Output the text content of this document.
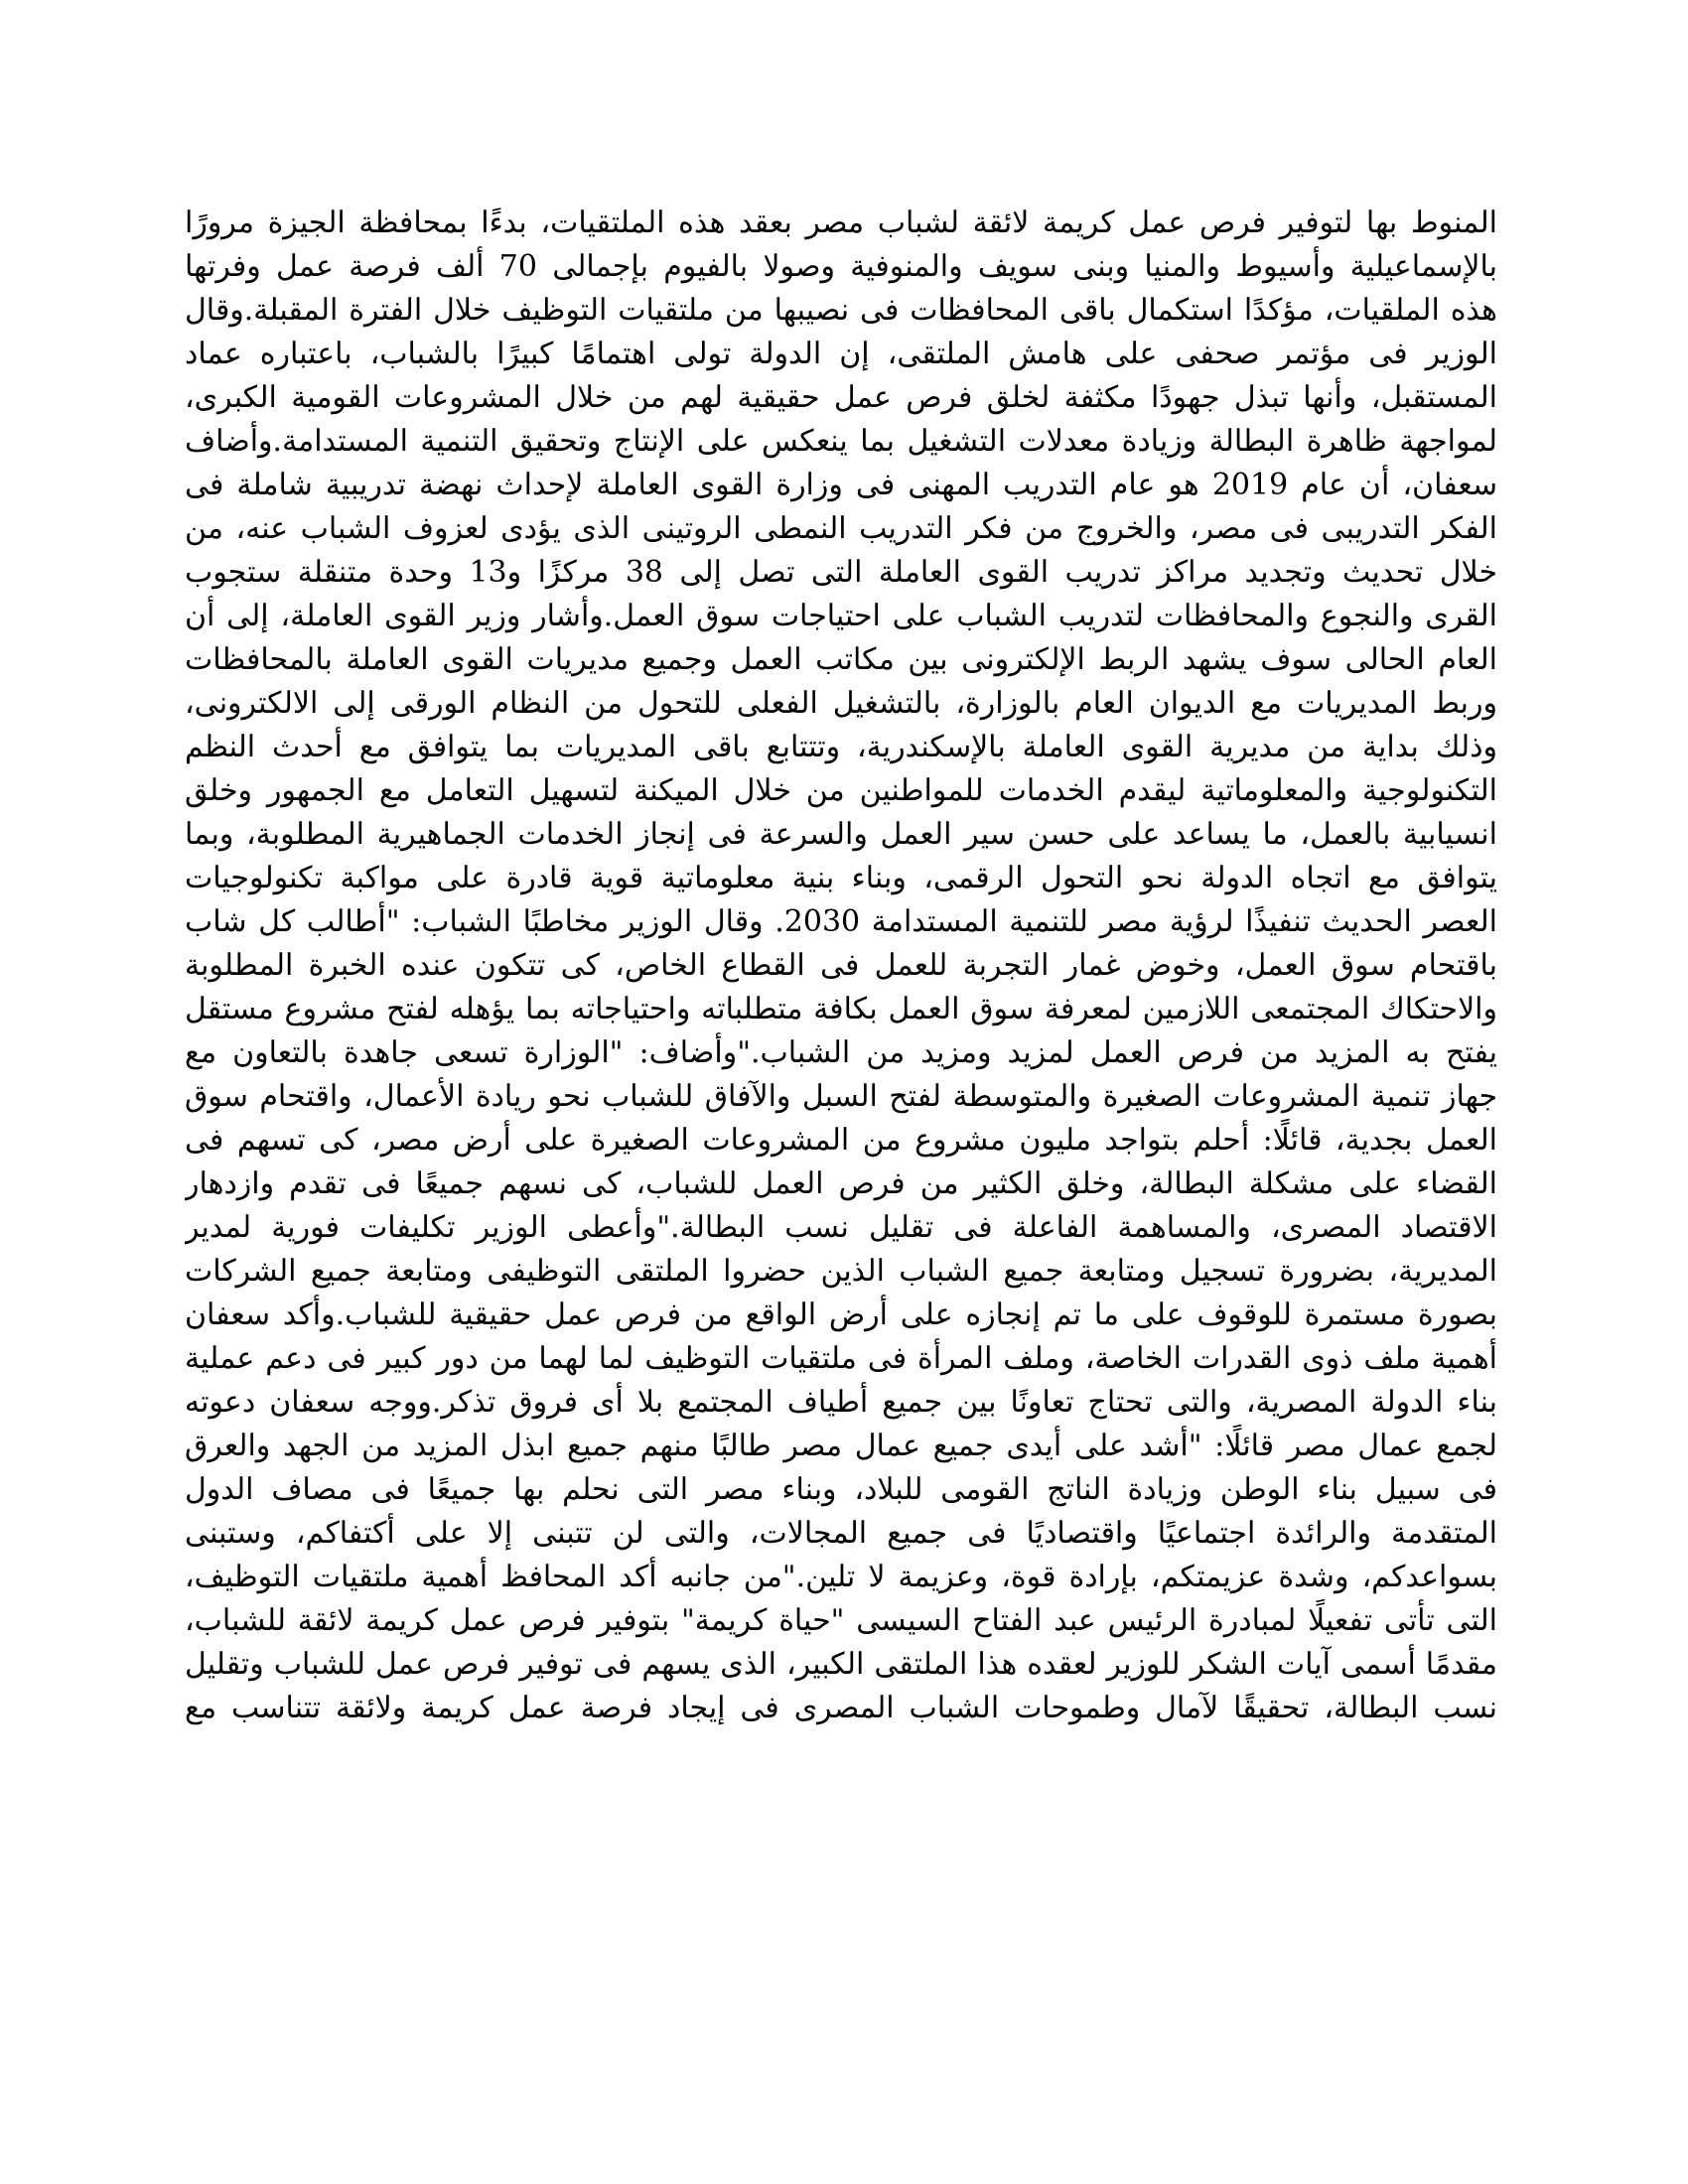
المنوط بها لتوفير فرص عمل كريمة لائقة لشباب مصر بعقد هذه الملتقيات، بدءًا بمحافظة الجيزة مرورًا
بالإسماعيلية وأسيوط والمنيا وبنى سويف والمنوفية وصولا بالفيوم بإجمالى 70 ألف فرصة عمل وفرتها
هذه الملقيات، مؤكدًا استكمال باقى المحافظات فى نصيبها من ملتقيات التوظيف خلال الفترة المقبلة.وقال
الوزير فى مؤتمر صحفى على هامش الملتقى، إن الدولة تولى اهتمامًا كبيرًا بالشباب، باعتباره عماد
المستقبل، وأنها تبذل جهودًا مكثفة لخلق فرص عمل حقيقية لهم من خلال المشروعات القومية الكبرى،
لمواجهة ظاهرة البطالة وزيادة معدلات التشغيل بما ينعكس على الإنتاج وتحقيق التنمية المستدامة.وأضاف
سعفان، أن عام 2019 هو عام التدريب المهنى فى وزارة القوى العاملة لإحداث نهضة تدريبية شاملة فى
الفكر التدريبى فى مصر، والخروج من فكر التدريب النمطى الروتينى الذى يؤدى لعزوف الشباب عنه، من
خلال تحديث وتجديد مراكز تدريب القوى العاملة التى تصل إلى 38 مركزًا و13 وحدة متنقلة ستجوب
القرى والنجوع والمحافظات لتدريب الشباب على احتياجات سوق العمل.وأشار وزير القوى العاملة، إلى أن
العام الحالى سوف يشهد الربط الإلكترونى بين مكاتب العمل وجميع مديريات القوى العاملة بالمحافظات
وربط المديريات مع الديوان العام بالوزارة، بالتشغيل الفعلى للتحول من النظام الورقى إلى الالكترونى،
وذلك بداية من مديرية القوى العاملة بالإسكندرية، وتتتابع باقى المديريات بما يتوافق مع أحدث النظم
التكنولوجية والمعلوماتية ليقدم الخدمات للمواطنين من خلال الميكنة لتسهيل التعامل مع الجمهور وخلق
انسيابية بالعمل، ما يساعد على حسن سير العمل والسرعة فى إنجاز الخدمات الجماهيرية المطلوبة، وبما
يتوافق مع اتجاه الدولة نحو التحول الرقمى، وبناء بنية معلوماتية قوية قادرة على مواكبة تكنولوجيات
العصر الحديث تنفيذًا لرؤية مصر للتنمية المستدامة 2030. وقال الوزير مخاطبًا الشباب: "أطالب كل شاب
باقتحام سوق العمل، وخوض غمار التجربة للعمل فى القطاع الخاص، كى تتكون عنده الخبرة المطلوبة
والاحتكاك المجتمعى اللازمين لمعرفة سوق العمل بكافة متطلباته واحتياجاته بما يؤهله لفتح مشروع مستقل
يفتح به المزيد من فرص العمل لمزيد ومزيد من الشباب."وأضاف: "الوزارة تسعى جاهدة بالتعاون مع
جهاز تنمية المشروعات الصغيرة والمتوسطة لفتح السبل والآفاق للشباب نحو ريادة الأعمال، واقتحام سوق
العمل بجدية، قائلًا: أحلم بتواجد مليون مشروع من المشروعات الصغيرة على أرض مصر، كى تسهم فى
القضاء على مشكلة البطالة، وخلق الكثير من فرص العمل للشباب، كى نسهم جميعًا فى تقدم وازدهار
الاقتصاد المصرى، والمساهمة الفاعلة فى تقليل نسب البطالة."وأعطى الوزير تكليفات فورية لمدير
المديرية، بضرورة تسجيل ومتابعة جميع الشباب الذين حضروا الملتقى التوظيفى ومتابعة جميع الشركات
بصورة مستمرة للوقوف على ما تم إنجازه على أرض الواقع من فرص عمل حقيقية للشباب.وأكد سعفان
أهمية ملف ذوى القدرات الخاصة، وملف المرأة فى ملتقيات التوظيف لما لهما من دور كبير فى دعم عملية
بناء الدولة المصرية، والتى تحتاج تعاونًا بين جميع أطياف المجتمع بلا أى فروق تذكر.ووجه سعفان دعوته
لجمع عمال مصر قائلًا: "أشد على أيدى جميع عمال مصر طالبًا منهم جميع ابذل المزيد من الجهد والعرق
فى سبيل بناء الوطن وزيادة الناتج القومى للبلاد، وبناء مصر التى نحلم بها جميعًا فى مصاف الدول
المتقدمة والرائدة اجتماعيًا واقتصاديًا فى جميع المجالات، والتى لن تتبنى إلا على أكتفاكم، وستبنى
بسواعدكم، وشدة عزيمتكم، بإرادة قوة، وعزيمة لا تلين."من جانبه أكد المحافظ أهمية ملتقيات التوظيف،
التى تأتى تفعيلًا لمبادرة الرئيس عبد الفتاح السيسى "حياة كريمة" بتوفير فرص عمل كريمة لائقة للشباب،
مقدمًا أسمى آيات الشكر للوزير لعقده هذا الملتقى الكبير، الذى يسهم فى توفير فرص عمل للشباب وتقليل
نسب البطالة، تحقيقًا لآمال وطموحات الشباب المصرى فى إيجاد فرصة عمل كريمة ولائقة تتناسب مع
